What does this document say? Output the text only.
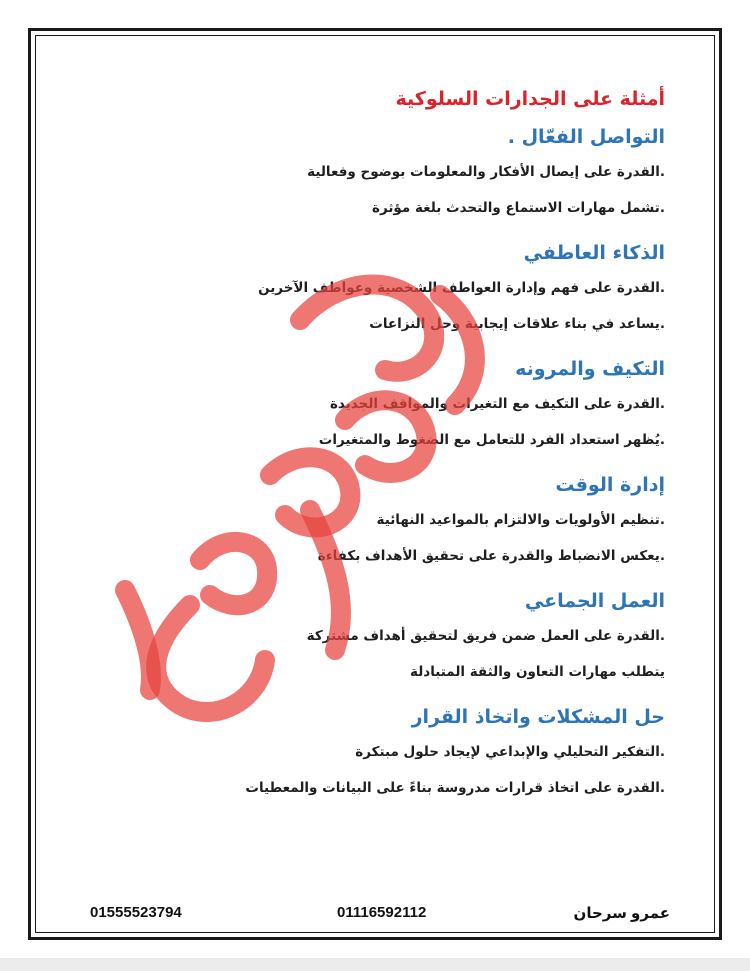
أمثلة على الجدارات السلوكية
التواصل الفعّال .

.القدرة على إيصال الأفكار والمعلومات بوضوح وفعالية

.تشمل مهارات الاستماع والتحدث بلغة مؤثرة

الذكاء العاطفي

.القدرة على فهم وإدارة العواطف الشخصية وعواطف الآخرين

.يساعد في بناء علاقات إيجابية وحل النزاعات

التكيف والمرونه

.القدرة على التكيف مع التغيرات والمواقف الجديدة

.يُظهر استعداد الفرد للتعامل مع الضغوط والمتغيرات

إدارة الوقت

.تنظيم الأولويات والالتزام بالمواعيد النهائية

.يعكس الانضباط والقدرة على تحقيق الأهداف بكفاءة

العمل الجماعي

.القدرة على العمل ضمن فريق لتحقيق أهداف مشتركة

يتطلب مهارات التعاون والثقة المتبادلة

حل المشكلات واتخاذ القرار

.التفكير التحليلي والإبداعي لإيجاد حلول مبتكرة

.القدرة على اتخاذ قرارات مدروسة بناءً على البيانات والمعطيات

عمرو سرحان
01116592112
01555523794
